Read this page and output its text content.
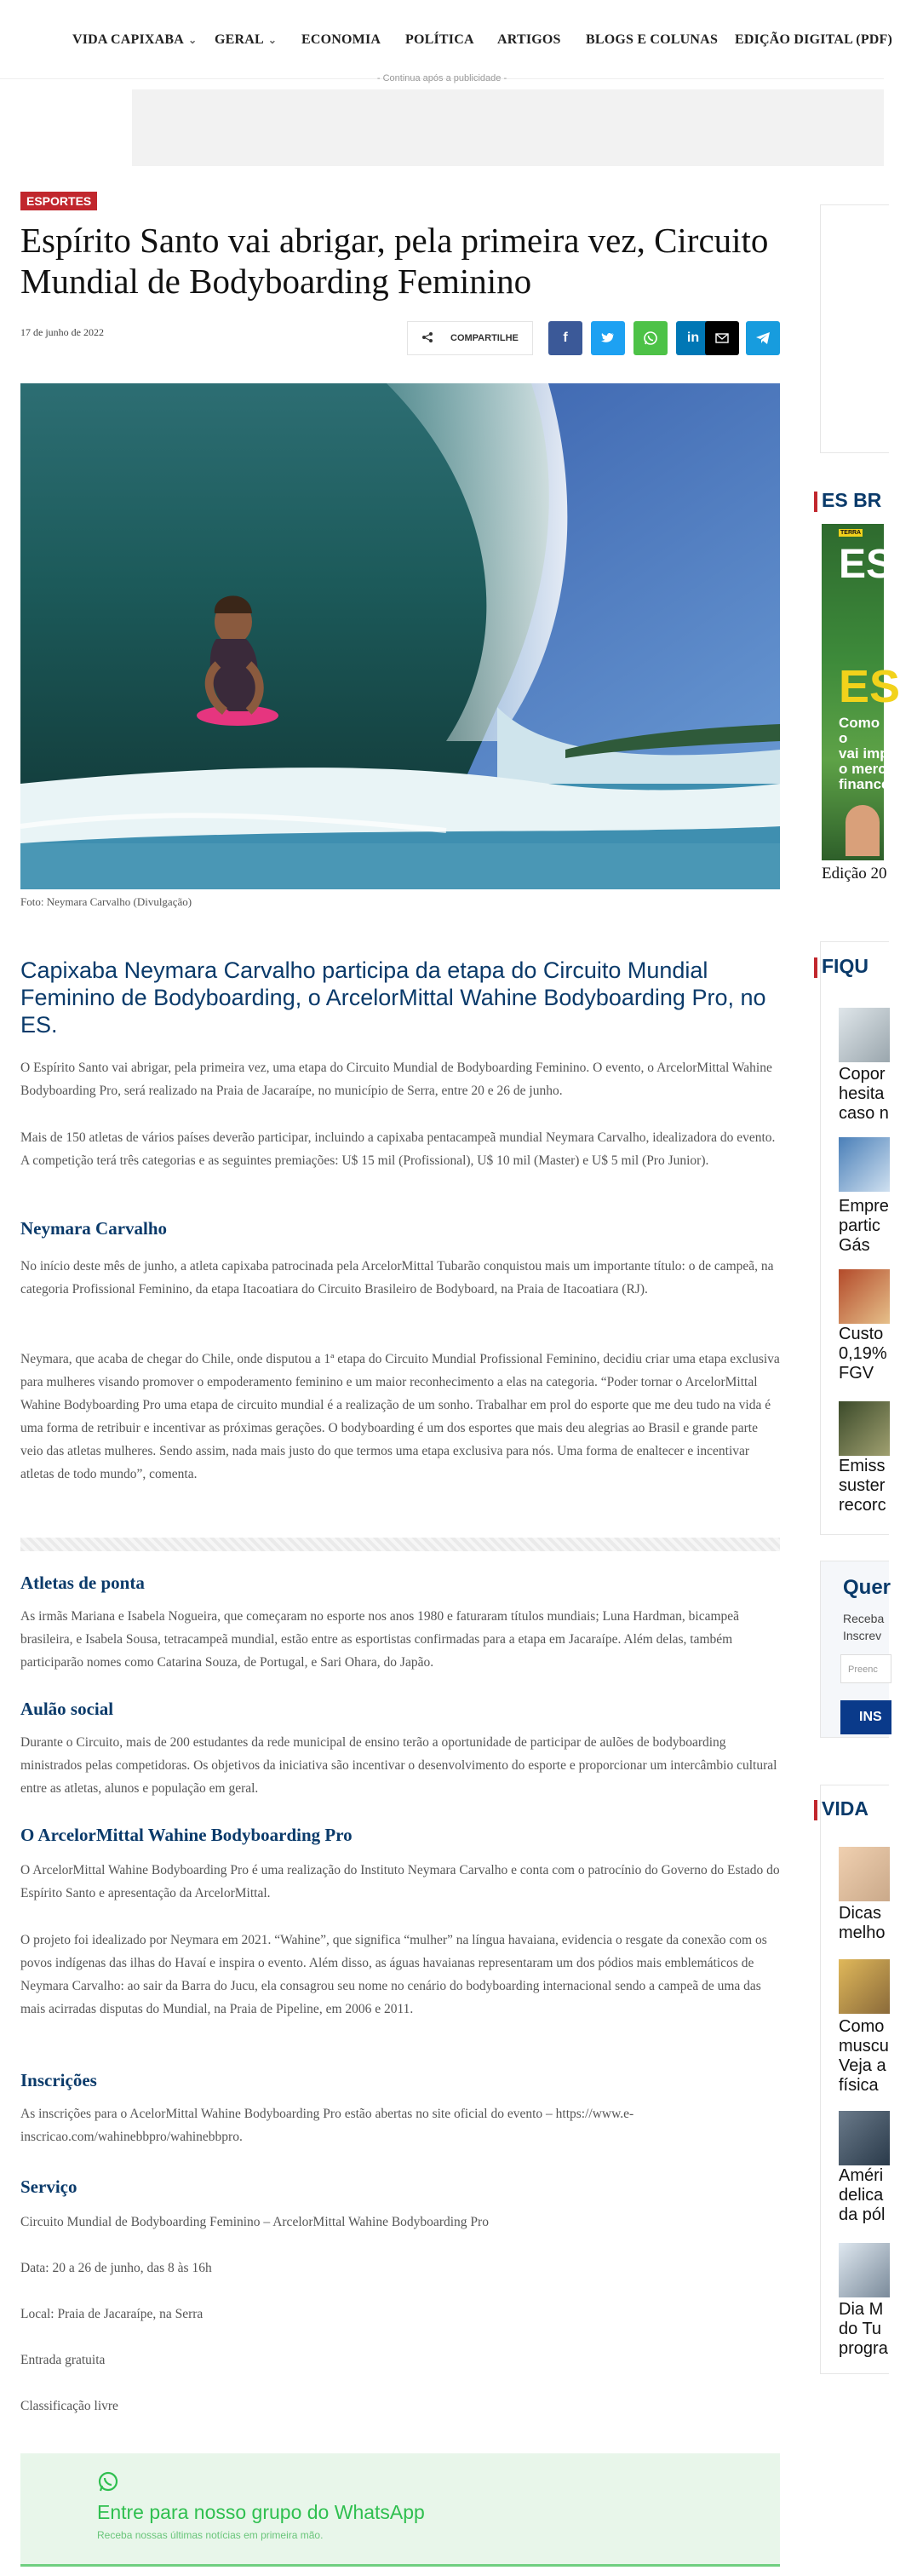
VIDA CAPIXABA ⌄ GERAL ⌄ ECONOMIA POLÍTICA ARTIGOS BLOGS E COLUNAS EDIÇÃO DIGITAL (PDF)
- Continua após a publicidade -
ESPORTES
Espírito Santo vai abrigar, pela primeira vez, Circuito Mundial de Bodyboarding Feminino
17 de junho de 2022	COMPARTILHE	f	in
Foto: Neymara Carvalho (Divulgação)
Capixaba Neymara Carvalho participa da etapa do Circuito Mundial Feminino de Bodyboarding, o ArcelorMittal Wahine Bodyboarding Pro, no ES.

O Espírito Santo vai abrigar, pela primeira vez, uma etapa do Circuito Mundial de Bodyboarding Feminino. O evento, o ArcelorMittal Wahine Bodyboarding Pro, será realizado na Praia de Jacaraípe, no município de Serra, entre 20 e 26 de junho.

Mais de 150 atletas de vários países deverão participar, incluindo a capixaba pentacampeã mundial Neymara Carvalho, idealizadora do evento. A competição terá três categorias e as seguintes premiações: U$ 15 mil (Profissional), U$ 10 mil (Master) e U$ 5 mil (Pro Junior).

Neymara Carvalho

No início deste mês de junho, a atleta capixaba patrocinada pela ArcelorMittal Tubarão conquistou mais um importante título: o de campeã, na categoria Profissional Feminino, da etapa Itacoatiara do Circuito Brasileiro de Bodyboard, na Praia de Itacoatiara (RJ).

Neymara, que acaba de chegar do Chile, onde disputou a 1ª etapa do Circuito Mundial Profissional Feminino, decidiu criar uma etapa exclusiva para mulheres visando promover o empoderamento feminino e um maior reconhecimento a elas na categoria. “Poder tornar o ArcelorMittal Wahine Bodyboarding Pro uma etapa de circuito mundial é a realização de um sonho. Trabalhar em prol do esporte que me deu tudo na vida é uma forma de retribuir e incentivar as próximas gerações. O bodyboarding é um dos esportes que mais deu alegrias ao Brasil e grande parte veio das atletas mulheres. Sendo assim, nada mais justo do que termos uma etapa exclusiva para nós. Uma forma de enaltecer e incentivar atletas de todo mundo”, comenta.

Atletas de ponta

As irmãs Mariana e Isabela Nogueira, que começaram no esporte nos anos 1980 e faturaram títulos mundiais; Luna Hardman, bicampeã brasileira, e Isabela Sousa, tetracampeã mundial, estão entre as esportistas confirmadas para a etapa em Jacaraípe. Além delas, também participarão nomes como Catarina Souza, de Portugal, e Sari Ohara, do Japão.

Aulão social

Durante o Circuito, mais de 200 estudantes da rede municipal de ensino terão a oportunidade de participar de aulões de bodyboarding ministrados pelas competidoras. Os objetivos da iniciativa são incentivar o desenvolvimento do esporte e proporcionar um intercâmbio cultural entre as atletas, alunos e população em geral.

O ArcelorMittal Wahine Bodyboarding Pro

O ArcelorMittal Wahine Bodyboarding Pro é uma realização do Instituto Neymara Carvalho e conta com o patrocínio do Governo do Estado do Espírito Santo e apresentação da ArcelorMittal.

O projeto foi idealizado por Neymara em 2021. “Wahine”, que significa “mulher” na língua havaiana, evidencia o resgate da conexão com os povos indígenas das ilhas do Havaí e inspira o evento. Além disso, as águas havaianas representaram um dos pódios mais emblemáticos de Neymara Carvalho: ao sair da Barra do Jucu, ela consagrou seu nome no cenário do bodyboarding internacional sendo a campeã de uma das mais acirradas disputas do Mundial, na Praia de Pipeline, em 2006 e 2011.

Inscrições

As inscrições para o AcelorMittal Wahine Bodyboarding Pro estão abertas no site oficial do evento – https://www.e-inscricao.com/wahinebbpro/wahinebbpro.

Serviço

Circuito Mundial de Bodyboarding Feminino – ArcelorMittal Wahine Bodyboarding Pro

Data: 20 a 26 de junho, das 8 às 16h

Local: Praia de Jacaraípe, na Serra

Entrada gratuita

Classificação livre

Entre para nosso grupo do WhatsApp
Receba nossas últimas notícias em primeira mão.
ES BR
TERRA
ES
ES
Como o
vai imp
o merc
finance
Edição 20
FIQU
Copor
hesita
caso n
Empre
partic
Gás
Custo
0,19%
FGV
Emiss
suster
recorc
Quer
Receba
Inscrev
Preenc
INS
VIDA
Dicas
melho
Como
muscu
Veja a
física
Améri
delica
da pól
Dia M
do Tu
progra
